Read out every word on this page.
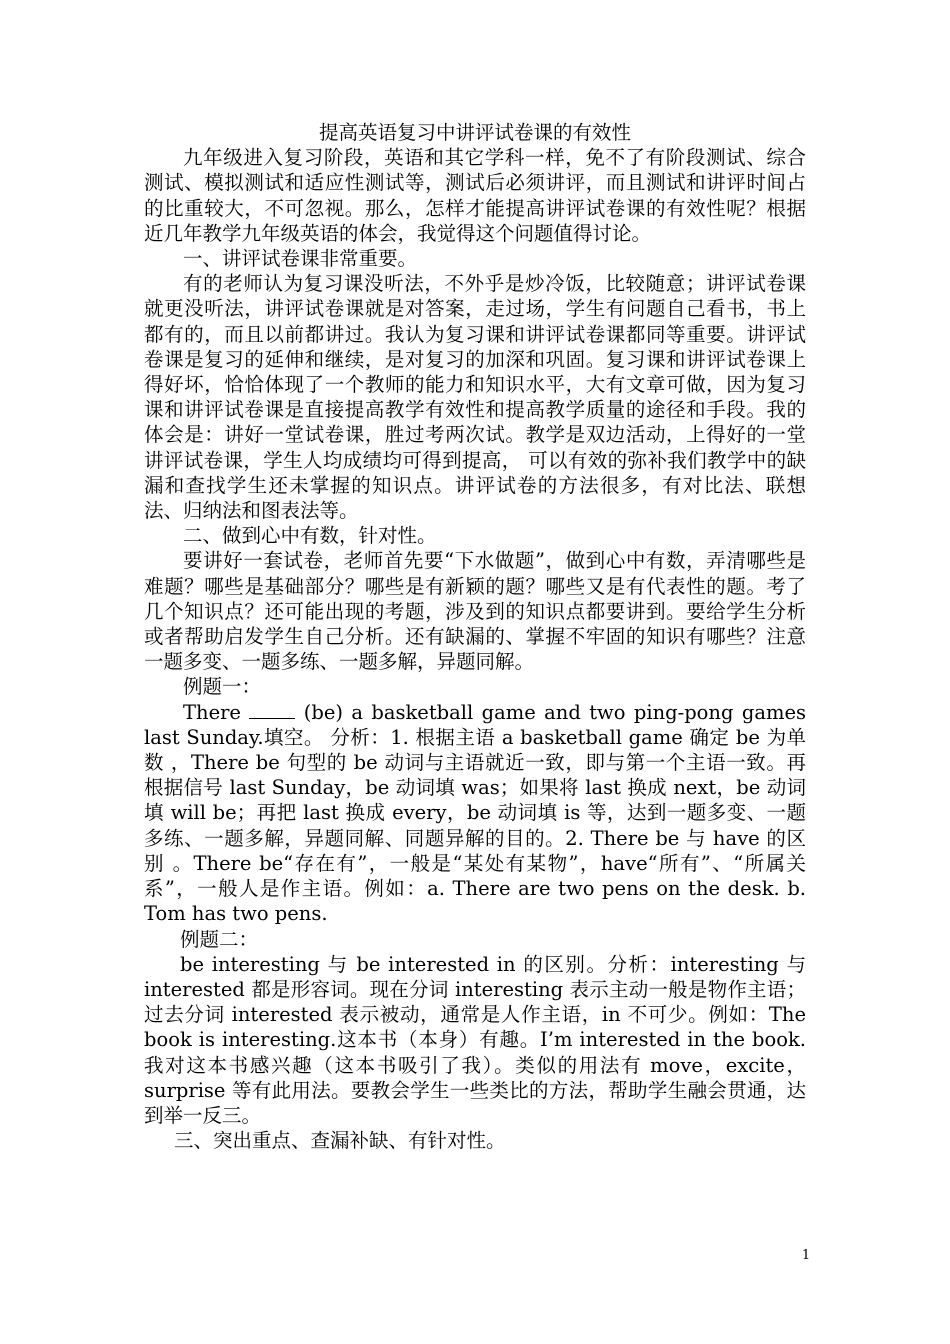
提高英语复习中讲评试卷课的有效性

九年级进入复习阶段，英语和其它学科一样，免不了有阶段测试、综合测试、模拟测试和适应性测试等，测试后必须讲评，而且测试和讲评时间占的比重较大，不可忽视。那么，怎样才能提高讲评试卷课的有效性呢？根据近几年教学九年级英语的体会，我觉得这个问题值得讨论。

一、讲评试卷课非常重要。

有的老师认为复习课没听法，不外乎是炒冷饭，比较随意；讲评试卷课就更没听法，讲评试卷课就是对答案，走过场，学生有问题自己看书，书上都有的，而且以前都讲过。我认为复习课和讲评试卷课都同等重要。讲评试卷课是复习的延伸和继续，是对复习的加深和巩固。复习课和讲评试卷课上得好坏，恰恰体现了一个教师的能力和知识水平，大有文章可做，因为复习课和讲评试卷课是直接提高教学有效性和提高教学质量的途径和手段。我的体会是：讲好一堂试卷课，胜过考两次试。教学是双边活动，上得好的一堂讲评试卷课，学生人均成绩均可得到提高， 可以有效的弥补我们教学中的缺漏和查找学生还未掌握的知识点。讲评试卷的方法很多，有对比法、联想法、归纳法和图表法等。

二、做到心中有数，针对性。

要讲好一套试卷，老师首先要“下水做题”，做到心中有数，弄清哪些是难题？哪些是基础部分？哪些是有新颖的题？哪些又是有代表性的题。考了几个知识点？还可能出现的考题，涉及到的知识点都要讲到。要给学生分析或者帮助启发学生自己分析。还有缺漏的、掌握不牢固的知识有哪些？注意一题多变、一题多练、一题多解，异题同解。

例题一：

There  (be) a basketball game and two ping-pong games last Sunday.填空。 分析：1. 根据主语 a basketball game 确定 be 为单数 ，There be 句型的 be 动词与主语就近一致，即与第一个主语一致。再根据信号 last Sunday，be 动词填 was；如果将 last 换成 next，be 动词填 will be；再把 last 换成 every，be 动词填 is 等，达到一题多变、一题多练、一题多解，异题同解、同题异解的目的。2. There be 与 have 的区别 。There be“存在有”，一般是“某处有某物”，have“所有”、“所属关系”，一般人是作主语。例如：a. There are two pens on the desk. b. Tom has two pens.

例题二：

be interesting 与 be interested in 的区别。分析：interesting 与 interested 都是形容词。现在分词 interesting 表示主动一般是物作主语；过去分词 interested 表示被动，通常是人作主语，in 不可少。例如：The book is interesting.这本书（本身）有趣。I’m interested in the book.我对这本书感兴趣（这本书吸引了我）。类似的用法有 move，excite，surprise 等有此用法。要教会学生一些类比的方法，帮助学生融会贯通，达到举一反三。

三、突出重点、查漏补缺、有针对性。

1
